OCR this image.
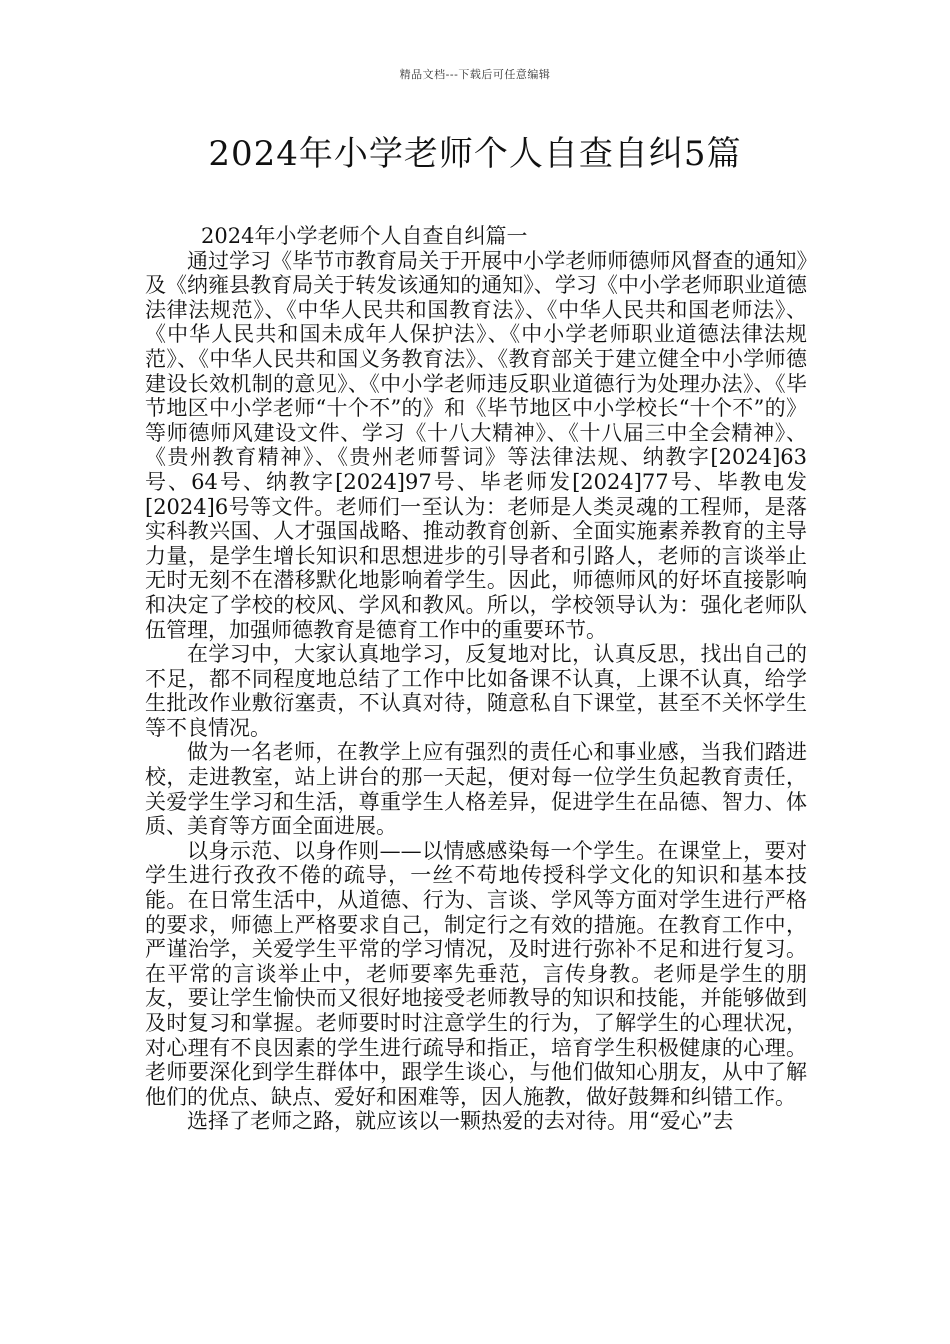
精品文档---下载后可任意编辑
2024年小学老师个人自查自纠5篇
2024年小学老师个人自查自纠篇一

通过学习《毕节市教育局关于开展中小学老师师德师风督查的通知》及《纳雍县教育局关于转发该通知的通知》、学习《中小学老师职业道德法律法规范》、《中华人民共和国教育法》、《中华人民共和国老师法》、《中华人民共和国未成年人保护法》、《中小学老师职业道德法律法规范》、《中华人民共和国义务教育法》、《教育部关于建立健全中小学师德建设长效机制的意见》、《中小学老师违反职业道德行为处理办法》、《毕节地区中小学老师“十个不”的》和《毕节地区中小学校长“十个不”的》等师德师风建设文件、学习《十八大精神》、《十八届三中全会精神》、《贵州教育精神》、《贵州老师誓词》等法律法规、纳教字[2024]63号、64号、纳教字[2024]97号、毕老师发[2024]77号、毕教电发[2024]6号等文件。老师们一至认为：老师是人类灵魂的工程师，是落实科教兴国、人才强国战略、推动教育创新、全面实施素养教育的主导力量，是学生增长知识和思想进步的引导者和引路人，老师的言谈举止无时无刻不在潜移默化地影响着学生。因此，师德师风的好坏直接影响和决定了学校的校风、学风和教风。所以，学校领导认为：强化老师队伍管理，加强师德教育是德育工作中的重要环节。

在学习中，大家认真地学习，反复地对比，认真反思，找出自己的不足，都不同程度地总结了工作中比如备课不认真，上课不认真，给学生批改作业敷衍塞责，不认真对待，随意私自下课堂，甚至不关怀学生等不良情况。

做为一名老师，在教学上应有强烈的责任心和事业感，当我们踏进校，走进教室，站上讲台的那一天起，便对每一位学生负起教育责任，关爱学生学习和生活，尊重学生人格差异，促进学生在品德、智力、体质、美育等方面全面进展。

以身示范、以身作则——以情感感染每一个学生。在课堂上，要对学生进行孜孜不倦的疏导，一丝不苟地传授科学文化的知识和基本技能。在日常生活中，从道德、行为、言谈、学风等方面对学生进行严格的要求，师德上严格要求自己，制定行之有效的措施。在教育工作中，严谨治学，关爱学生平常的学习情况，及时进行弥补不足和进行复习。在平常的言谈举止中，老师要率先垂范，言传身教。老师是学生的朋友，要让学生愉快而又很好地接受老师教导的知识和技能，并能够做到及时复习和掌握。老师要时时注意学生的行为，了解学生的心理状况，对心理有不良因素的学生进行疏导和指正，培育学生积极健康的心理。老师要深化到学生群体中，跟学生谈心，与他们做知心朋友，从中了解他们的优点、缺点、爱好和困难等，因人施教，做好鼓舞和纠错工作。

选择了老师之路，就应该以一颗热爱的去对待。用“爱心”去
